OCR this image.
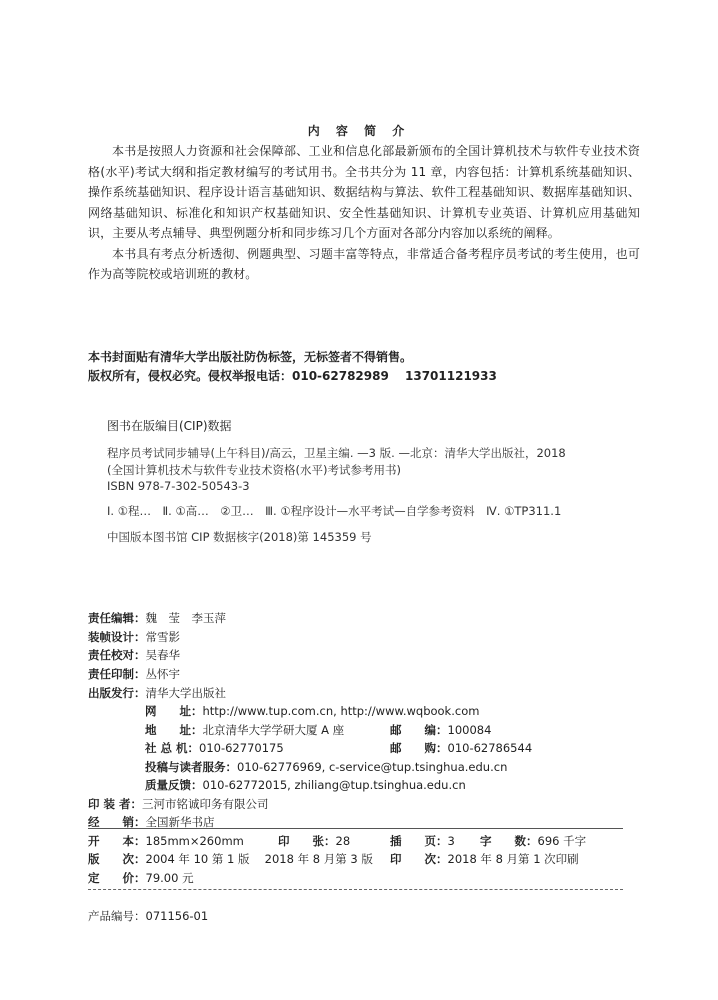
内 容 简 介

本书是按照人力资源和社会保障部、工业和信息化部最新颁布的全国计算机技术与软件专业技术资格(水平)考试大纲和指定教材编写的考试用书。全书共分为 11 章，内容包括：计算机系统基础知识、操作系统基础知识、程序设计语言基础知识、数据结构与算法、软件工程基础知识、数据库基础知识、网络基础知识、标准化和知识产权基础知识、安全性基础知识、计算机专业英语、计算机应用基础知识，主要从考点辅导、典型例题分析和同步练习几个方面对各部分内容加以系统的阐释。

本书具有考点分析透彻、例题典型、习题丰富等特点，非常适合备考程序员考试的考生使用，也可作为高等院校或培训班的教材。

本书封面贴有清华大学出版社防伪标签，无标签者不得销售。
版权所有，侵权必究。侵权举报电话：010-62782989　 13701121933
图书在版编目(CIP)数据
程序员考试同步辅导(上午科目)/高云，卫星主编. —3 版. —北京：清华大学出版社，2018
(全国计算机技术与软件专业技术资格(水平)考试参考用书)
ISBN 978-7-302-50543-3
Ⅰ. ①程…　Ⅱ. ①高…　②卫…　Ⅲ. ①程序设计—水平考试—自学参考资料　Ⅳ. ①TP311.1
中国版本图书馆 CIP 数据核字(2018)第 145359 号
责任编辑：魏　莹　李玉萍
装帧设计：常雪影
责任校对：吴春华
责任印制：丛怀宇
出版发行：清华大学出版社
网　　址：http://www.tup.com.cn, http://www.wqbook.com
地　　址：北京清华大学学研大厦 A 座	邮　　编：100084
社 总 机：010-62770175	邮　　购：010-62786544
投稿与读者服务：010-62776969, c-service@tup.tsinghua.edu.cn
质量反馈：010-62772015, zhiliang@tup.tsinghua.edu.cn
印 装 者：三河市铭诚印务有限公司
经　　销：全国新华书店
开　　本：185mm×260mm	印　　张：28	插　　页：3 字　　数：696 千字
版　　次：2004 年 10 第 1 版　 2018 年 8 月第 3 版 印　　次：2018 年 8 月第 1 次印刷
定　　价：79.00 元
产品编号：071156-01
